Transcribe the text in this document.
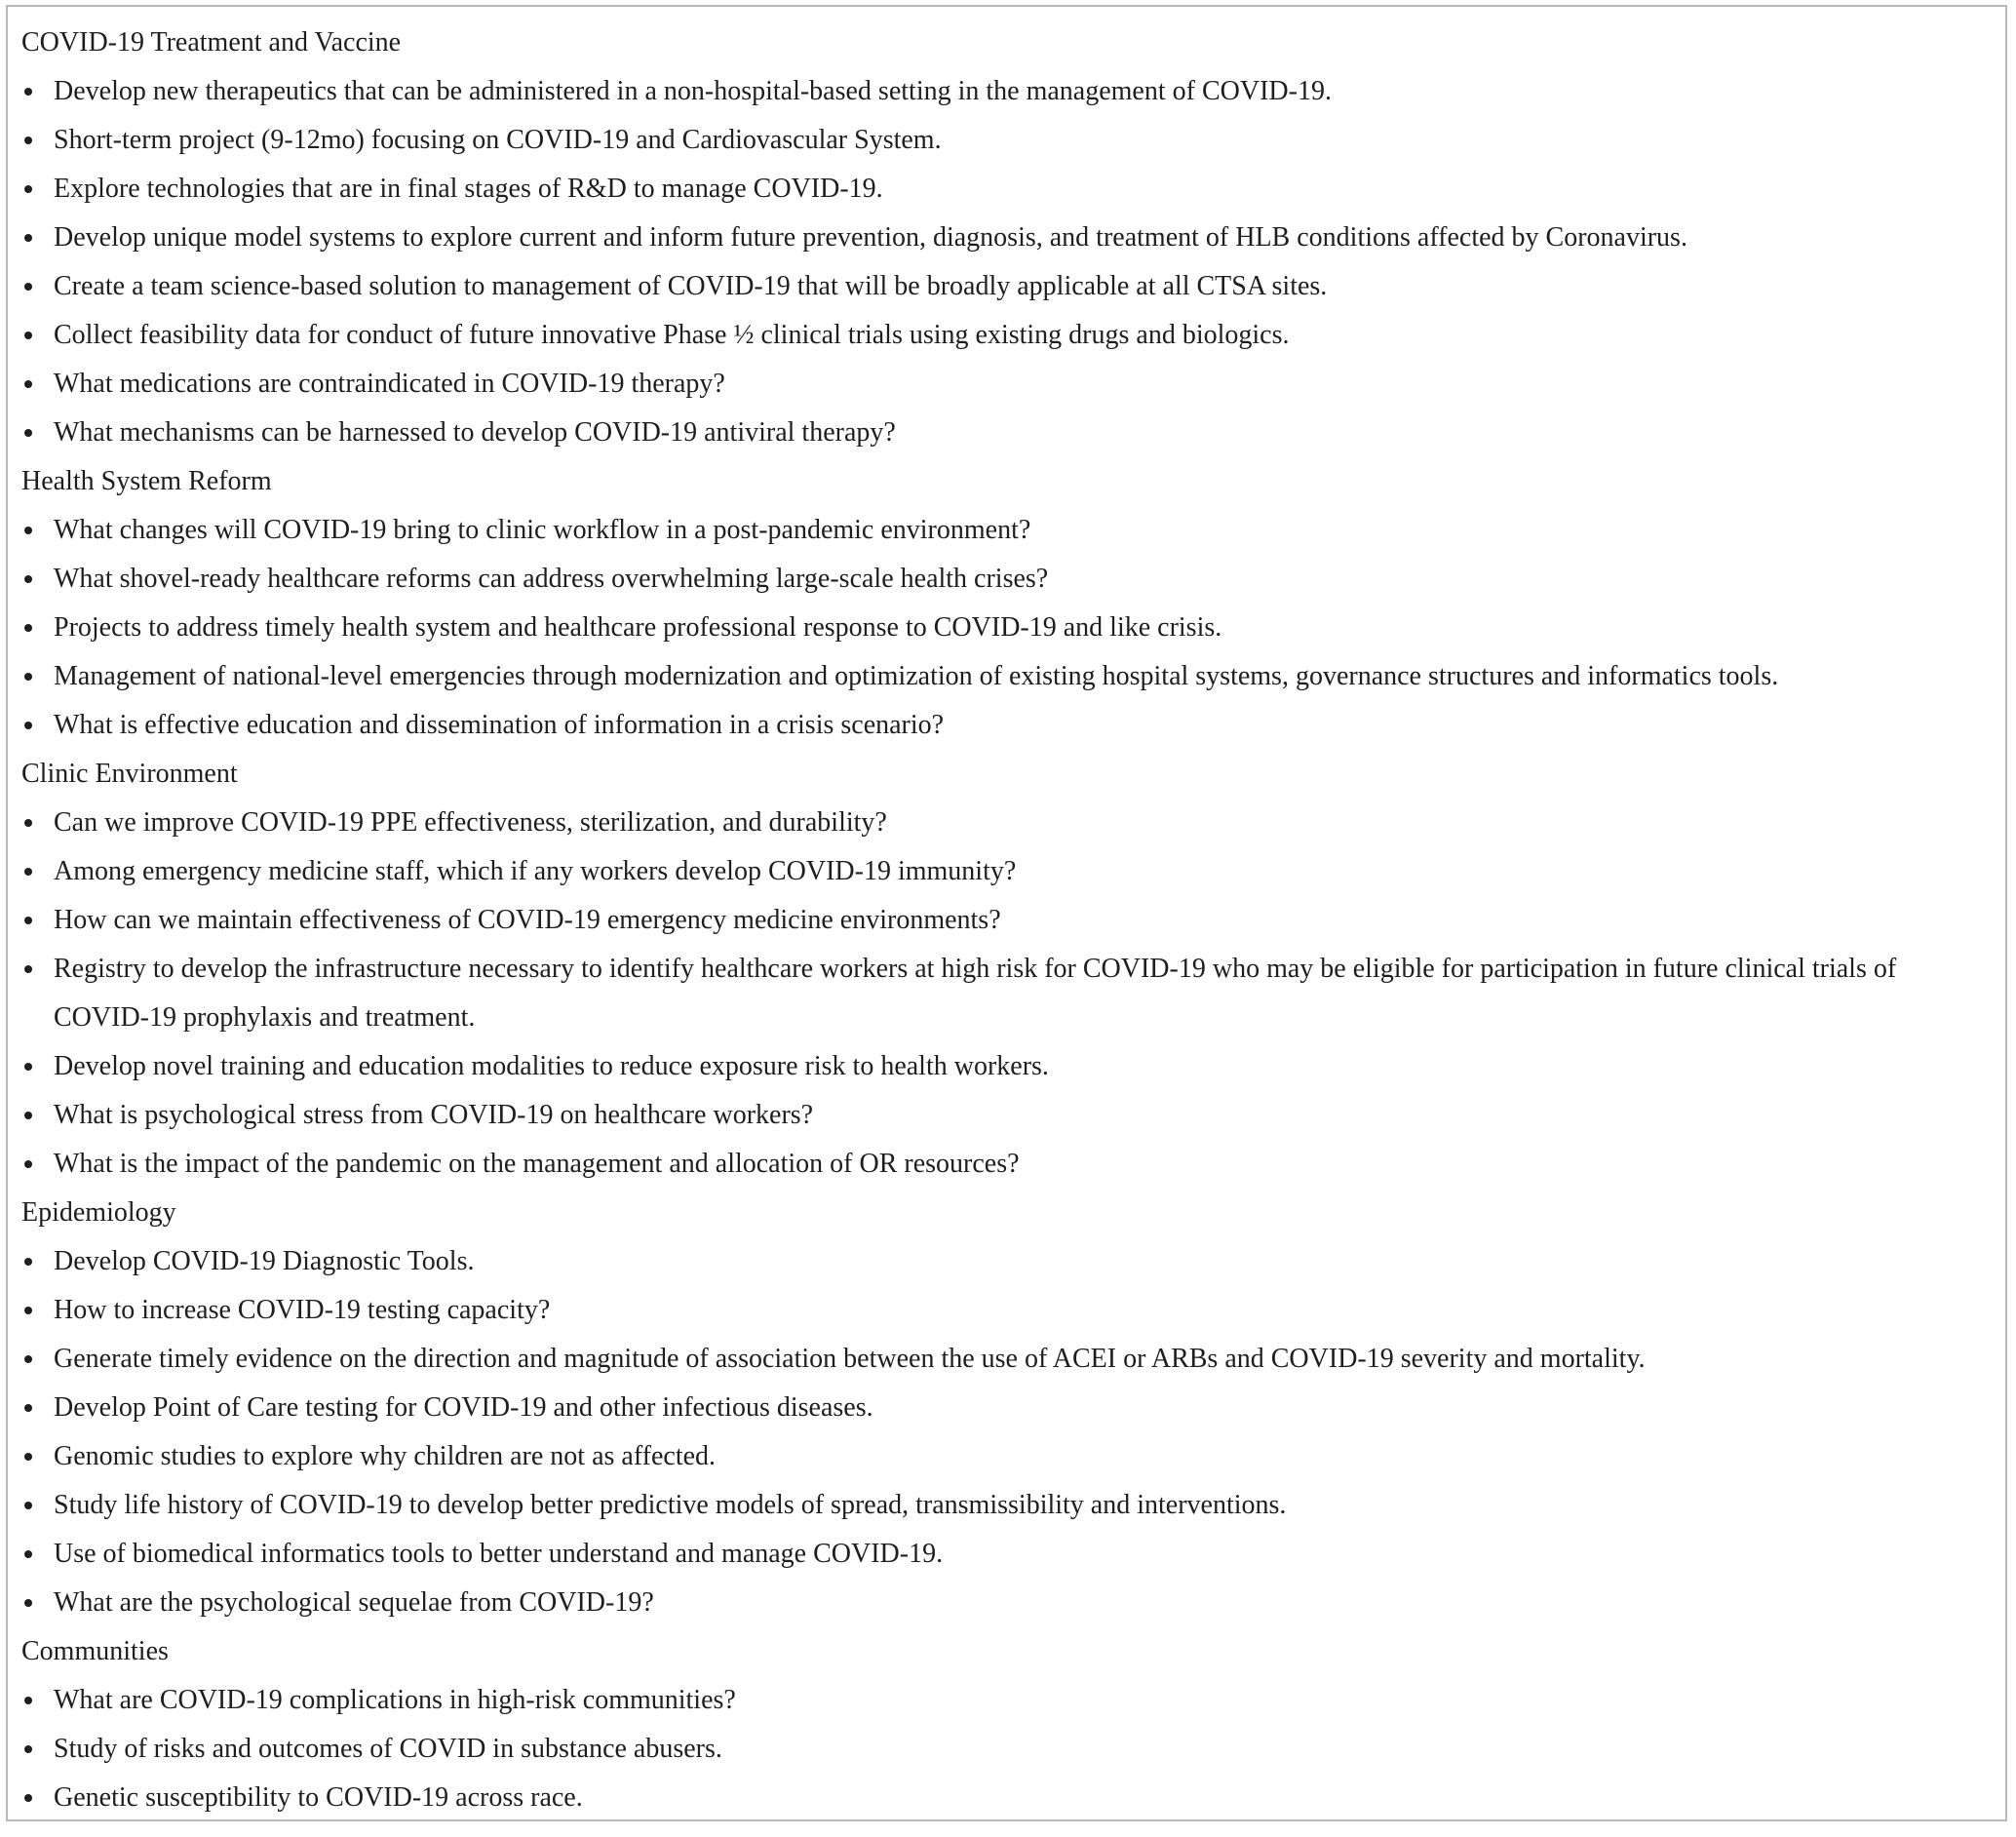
COVID-19 Treatment and Vaccine
Develop new therapeutics that can be administered in a non-hospital-based setting in the management of COVID-19.
Short-term project (9-12mo) focusing on COVID-19 and Cardiovascular System.
Explore technologies that are in final stages of R&D to manage COVID-19.
Develop unique model systems to explore current and inform future prevention, diagnosis, and treatment of HLB conditions affected by Coronavirus.
Create a team science-based solution to management of COVID-19 that will be broadly applicable at all CTSA sites.
Collect feasibility data for conduct of future innovative Phase ½ clinical trials using existing drugs and biologics.
What medications are contraindicated in COVID-19 therapy?
What mechanisms can be harnessed to develop COVID-19 antiviral therapy?
Health System Reform
What changes will COVID-19 bring to clinic workflow in a post-pandemic environment?
What shovel-ready healthcare reforms can address overwhelming large-scale health crises?
Projects to address timely health system and healthcare professional response to COVID-19 and like crisis.
Management of national-level emergencies through modernization and optimization of existing hospital systems, governance structures and informatics tools.
What is effective education and dissemination of information in a crisis scenario?
Clinic Environment
Can we improve COVID-19 PPE effectiveness, sterilization, and durability?
Among emergency medicine staff, which if any workers develop COVID-19 immunity?
How can we maintain effectiveness of COVID-19 emergency medicine environments?
Registry to develop the infrastructure necessary to identify healthcare workers at high risk for COVID-19 who may be eligible for participation in future clinical trials of COVID-19 prophylaxis and treatment.
Develop novel training and education modalities to reduce exposure risk to health workers.
What is psychological stress from COVID-19 on healthcare workers?
What is the impact of the pandemic on the management and allocation of OR resources?
Epidemiology
Develop COVID-19 Diagnostic Tools.
How to increase COVID-19 testing capacity?
Generate timely evidence on the direction and magnitude of association between the use of ACEI or ARBs and COVID-19 severity and mortality.
Develop Point of Care testing for COVID-19 and other infectious diseases.
Genomic studies to explore why children are not as affected.
Study life history of COVID-19 to develop better predictive models of spread, transmissibility and interventions.
Use of biomedical informatics tools to better understand and manage COVID-19.
What are the psychological sequelae from COVID-19?
Communities
What are COVID-19 complications in high-risk communities?
Study of risks and outcomes of COVID in substance abusers.
Genetic susceptibility to COVID-19 across race.
